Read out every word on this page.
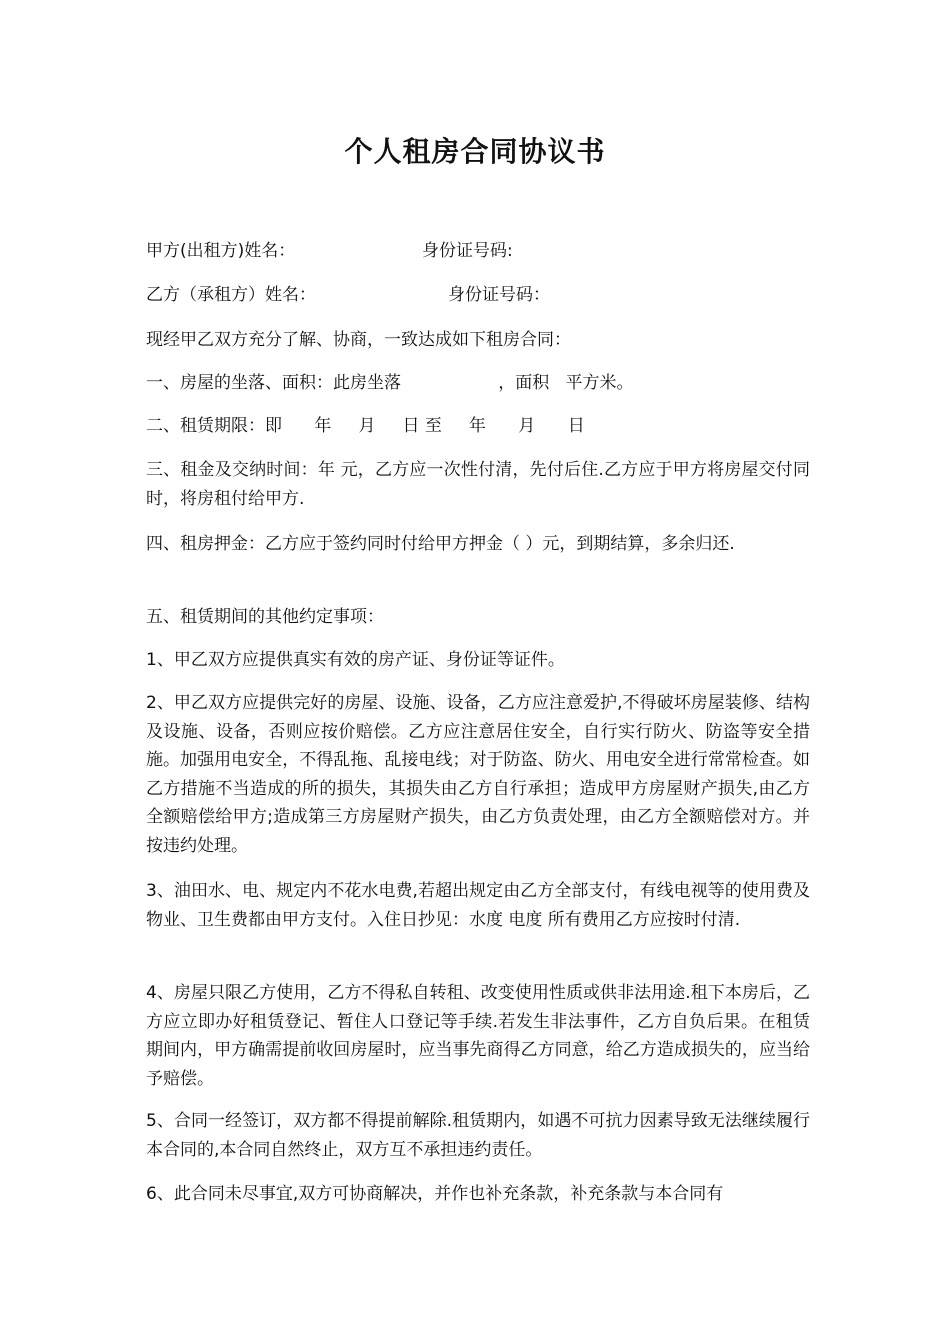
个人租房合同协议书
甲方(出租方)姓名：	身份证号码:
乙方（承租方）姓名：	身份证号码：

现经甲乙双方充分了解、协商，一致达成如下租房合同：

一、房屋的坐落、面积：此房坐落                  ，面积   平方米。

二、租赁期限：即      年     月     日 至     年      月      日

三、租金及交纳时间：年 元，乙方应一次性付清，先付后住.乙方应于甲方将房屋交付同时，将房租付给甲方.

四、租房押金：乙方应于签约同时付给甲方押金（ ）元，到期结算，多余归还.

五、租赁期间的其他约定事项：

1、甲乙双方应提供真实有效的房产证、身份证等证件。

2、甲乙双方应提供完好的房屋、设施、设备，乙方应注意爱护,不得破坏房屋装修、结构及设施、设备，否则应按价赔偿。乙方应注意居住安全，自行实行防火、防盗等安全措施。加强用电安全，不得乱拖、乱接电线；对于防盗、防火、用电安全进行常常检查。如乙方措施不当造成的所的损失，其损失由乙方自行承担；造成甲方房屋财产损失,由乙方全额赔偿给甲方;造成第三方房屋财产损失，由乙方负责处理，由乙方全额赔偿对方。并按违约处理。

3、油田水、电、规定内不花水电费,若超出规定由乙方全部支付，有线电视等的使用费及物业、卫生费都由甲方支付。入住日抄见：水度 电度 所有费用乙方应按时付清.

4、房屋只限乙方使用，乙方不得私自转租、改变使用性质或供非法用途.租下本房后，乙方应立即办好租赁登记、暂住人口登记等手续.若发生非法事件，乙方自负后果。在租赁期间内，甲方确需提前收回房屋时，应当事先商得乙方同意，给乙方造成损失的，应当给予赔偿。

5、合同一经签订，双方都不得提前解除.租赁期内，如遇不可抗力因素导致无法继续履行本合同的,本合同自然终止，双方互不承担违约责任。

6、此合同未尽事宜,双方可协商解决，并作也补充条款，补充条款与本合同有
